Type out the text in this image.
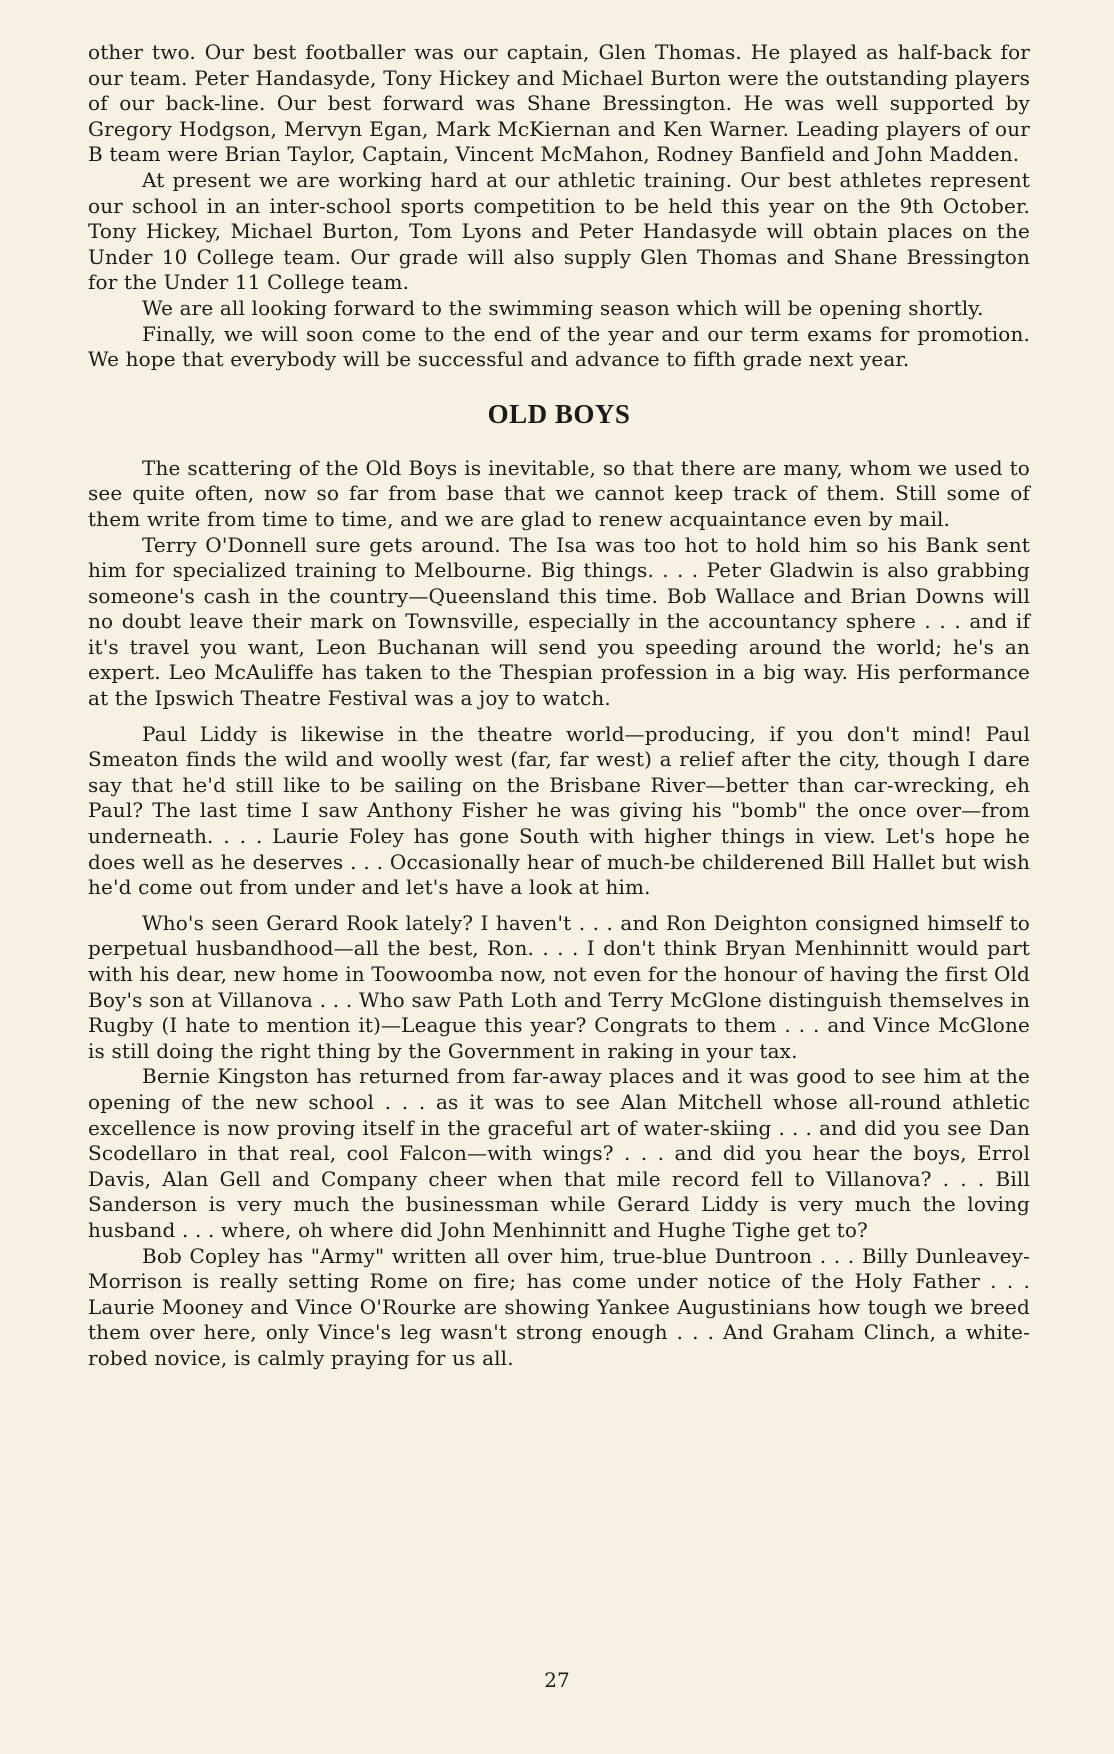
other two. Our best footballer was our captain, Glen Thomas. He played as half-back for our team. Peter Handasyde, Tony Hickey and Michael Burton were the outstanding players of our back-line. Our best forward was Shane Bressington. He was well supported by Gregory Hodgson, Mervyn Egan, Mark McKiernan and Ken Warner. Leading players of our B team were Brian Taylor, Captain, Vincent McMahon, Rodney Banfield and John Madden.

At present we are working hard at our athletic training. Our best athletes represent our school in an inter-school sports competition to be held this year on the 9th October. Tony Hickey, Michael Burton, Tom Lyons and Peter Handasyde will obtain places on the Under 10 College team. Our grade will also supply Glen Thomas and Shane Bressington for the Under 11 College team.

We are all looking forward to the swimming season which will be opening shortly.

Finally, we will soon come to the end of the year and our term exams for promotion. We hope that everybody will be successful and advance to fifth grade next year.

OLD BOYS

The scattering of the Old Boys is inevitable, so that there are many, whom we used to see quite often, now so far from base that we cannot keep track of them. Still some of them write from time to time, and we are glad to renew acquaintance even by mail.

Terry O'Donnell sure gets around. The Isa was too hot to hold him so his Bank sent him for specialized training to Melbourne. Big things. . . . Peter Gladwin is also grabbing someone's cash in the country—Queensland this time. Bob Wallace and Brian Downs will no doubt leave their mark on Townsville, especially in the accountancy sphere . . . and if it's travel you want, Leon Buchanan will send you speeding around the world; he's an expert. Leo McAuliffe has taken to the Thespian profession in a big way. His performance at the Ipswich Theatre Festival was a joy to watch.

Paul Liddy is likewise in the theatre world—producing, if you don't mind! Paul Smeaton finds the wild and woolly west (far, far west) a relief after the city, though I dare say that he'd still like to be sailing on the Brisbane River—better than car-wrecking, eh Paul? The last time I saw Anthony Fisher he was giving his "bomb" the once over—from underneath. . . . Laurie Foley has gone South with higher things in view. Let's hope he does well as he deserves . . . Occasionally hear of much-be childerened Bill Hallet but wish he'd come out from under and let's have a look at him.

Who's seen Gerard Rook lately? I haven't . . . and Ron Deighton consigned himself to perpetual husbandhood—all the best, Ron. . . . I don't think Bryan Menhinnitt would part with his dear, new home in Toowoomba now, not even for the honour of having the first Old Boy's son at Villanova . . . Who saw Path Loth and Terry McGlone distinguish themselves in Rugby (I hate to mention it)—League this year? Congrats to them . . . and Vince McGlone is still doing the right thing by the Government in raking in your tax.

Bernie Kingston has returned from far-away places and it was good to see him at the opening of the new school . . . as it was to see Alan Mitchell whose all-round athletic excellence is now proving itself in the graceful art of water-skiing . . . and did you see Dan Scodellaro in that real, cool Falcon—with wings? . . . and did you hear the boys, Errol Davis, Alan Gell and Company cheer when that mile record fell to Villanova? . . . Bill Sanderson is very much the businessman while Gerard Liddy is very much the loving husband . . . where, oh where did John Menhinnitt and Hughe Tighe get to?

Bob Copley has "Army" written all over him, true-blue Duntroon . . . Billy Dunleavey-Morrison is really setting Rome on fire; has come under notice of the Holy Father . . . Laurie Mooney and Vince O'Rourke are showing Yankee Augustinians how tough we breed them over here, only Vince's leg wasn't strong enough . . . And Graham Clinch, a white-robed novice, is calmly praying for us all.

27
